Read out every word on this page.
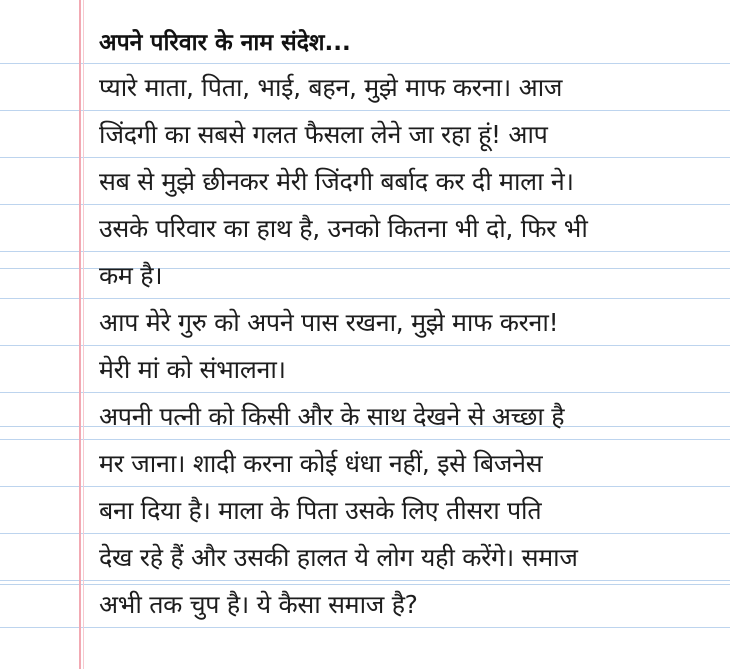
अपने परिवार के नाम संदेश...
प्यारे माता, पिता, भाई, बहन, मुझे माफ करना। आज
जिंदगी का सबसे गलत फैसला लेने जा रहा हूं! आप
सब से मुझे छीनकर मेरी जिंदगी बर्बाद कर दी माला ने।
उसके परिवार का हाथ है, उनको कितना भी दो, फिर भी
कम है।
आप मेरे गुरु को अपने पास रखना, मुझे माफ करना!
मेरी मां को संभालना।
अपनी पत्नी को किसी और के साथ देखने से अच्छा है
मर जाना। शादी करना कोई धंधा नहीं, इसे बिजनेस
बना दिया है। माला के पिता उसके लिए तीसरा पति
देख रहे हैं और उसकी हालत ये लोग यही करेंगे। समाज
अभी तक चुप है। ये कैसा समाज है?
